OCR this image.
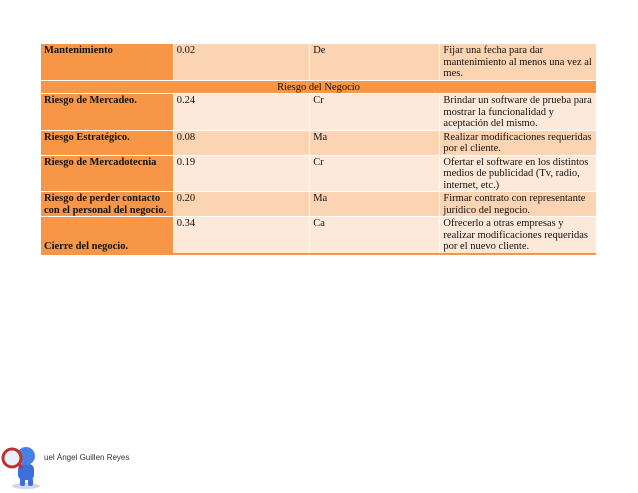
Mantenimiento	0.02	De	Fijar una fecha para dar mantenimiento al menos una vez al mes.
Riesgo del Negocio			
Riesgo de Mercadeo.	0.24	Cr	Brindar un software de prueba para mostrar la funcionalidad y aceptación del mismo.
Riesgo Estratégico.	0.08	Ma	Realizar modificaciones requeridas por el cliente.
Riesgo de Mercadotecnia	0.19	Cr	Ofertar el software en los distintos medios de publicidad (Tv, radio, internet, etc.)
Riesgo de perder contacto con el personal del negocio.	0.20	Ma	Firmar contrato con representante jurídico del negocio.
Cierre del negocio.	0.34	Ca	Ofrecerlo a otras empresas y realizar modificaciones requeridas por el nuevo cliente.
uel Ángel Guillen Reyes
